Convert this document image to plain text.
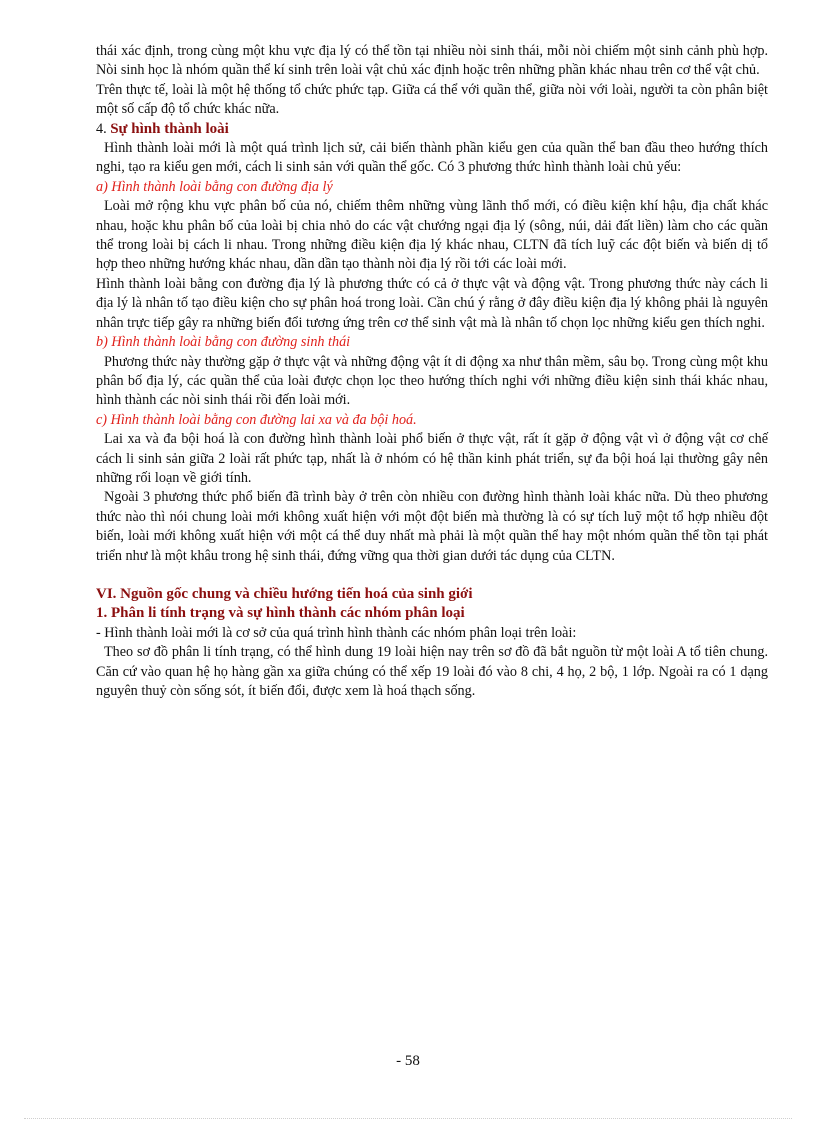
thái xác định, trong cùng một khu vực địa lý có thể tồn tại nhiều nòi sinh thái, mỗi nòi chiếm một sinh cảnh phù hợp. Nòi sinh học là nhóm quần thể kí sinh trên loài vật chủ xác định hoặc trên những phần khác nhau trên cơ thể vật chủ.

Trên thực tế, loài là một hệ thống tổ chức phức tạp. Giữa cá thể với quần thể, giữa nòi với loài, người ta còn phân biệt một số cấp độ tổ chức khác nữa.

4. Sự hình thành loài

Hình thành loài mới là một quá trình lịch sử, cải biến thành phần kiểu gen của quần thể ban đầu theo hướng thích nghi, tạo ra kiểu gen mới, cách li sinh sản với quần thể gốc. Có 3 phương thức hình thành loài chủ yếu:

a) Hình thành loài bằng con đường địa lý

Loài mở rộng khu vực phân bố của nó, chiếm thêm những vùng lãnh thổ mới, có điều kiện khí hậu, địa chất khác nhau, hoặc khu phân bố của loài bị chia nhỏ do các vật chướng ngại địa lý (sông, núi, dải đất liền) làm cho các quần thể trong loài bị cách li nhau. Trong những điều kiện địa lý khác nhau, CLTN đã tích luỹ các đột biến và biến dị tổ hợp theo những hướng khác nhau, dần dần tạo thành nòi địa lý rồi tới các loài mới.

Hình thành loài bằng con đường địa lý là phương thức có cả ở thực vật và động vật. Trong phương thức này cách li địa lý là nhân tố tạo điều kiện cho sự phân hoá trong loài. Cần chú ý rằng ở đây điều kiện địa lý không phải là nguyên nhân trực tiếp gây ra những biến đổi tương ứng trên cơ thể sinh vật mà là nhân tố chọn lọc những kiểu gen thích nghi.

b) Hình thành loài bằng con đường sinh thái

Phương thức này thường gặp ở thực vật và những động vật ít di động xa như thân mềm, sâu bọ. Trong cùng một khu phân bố địa lý, các quần thể của loài được chọn lọc theo hướng thích nghi với những điều kiện sinh thái khác nhau, hình thành các nòi sinh thái rồi đến loài mới.

c) Hình thành loài bằng con đường lai xa và đa bội hoá.

Lai xa và đa bội hoá là con đường hình thành loài phổ biến ở thực vật, rất ít gặp ở động vật vì ở động vật cơ chế cách li sinh sản giữa 2 loài rất phức tạp, nhất là ở nhóm có hệ thần kinh phát triển, sự đa bội hoá lại thường gây nên những rối loạn về giới tính.

Ngoài 3 phương thức phổ biến đã trình bày ở trên còn nhiều con đường hình thành loài khác nữa. Dù theo phương thức nào thì nói chung loài mới không xuất hiện với một đột biến mà thường là có sự tích luỹ một tổ hợp nhiều đột biến, loài mới không xuất hiện với một cá thể duy nhất mà phải là một quần thể hay một nhóm quần thể tồn tại phát triển như là một khâu trong hệ sinh thái, đứng vững qua thời gian dưới tác dụng của CLTN.

VI. Nguồn gốc chung và chiều hướng tiến hoá của sinh giới

1. Phân li tính trạng và sự hình thành các nhóm phân loại

- Hình thành loài mới là cơ sở của quá trình hình thành các nhóm phân loại trên loài:

Theo sơ đồ phân li tính trạng, có thể hình dung 19 loài hiện nay trên sơ đồ đã bắt nguồn từ một loài A tổ tiên chung. Căn cứ vào quan hệ họ hàng gần xa giữa chúng có thể xếp 19 loài đó vào 8 chi, 4 họ, 2 bộ, 1 lớp. Ngoài ra có 1 dạng nguyên thuỷ còn sống sót, ít biến đổi, được xem là hoá thạch sống.

- 58
